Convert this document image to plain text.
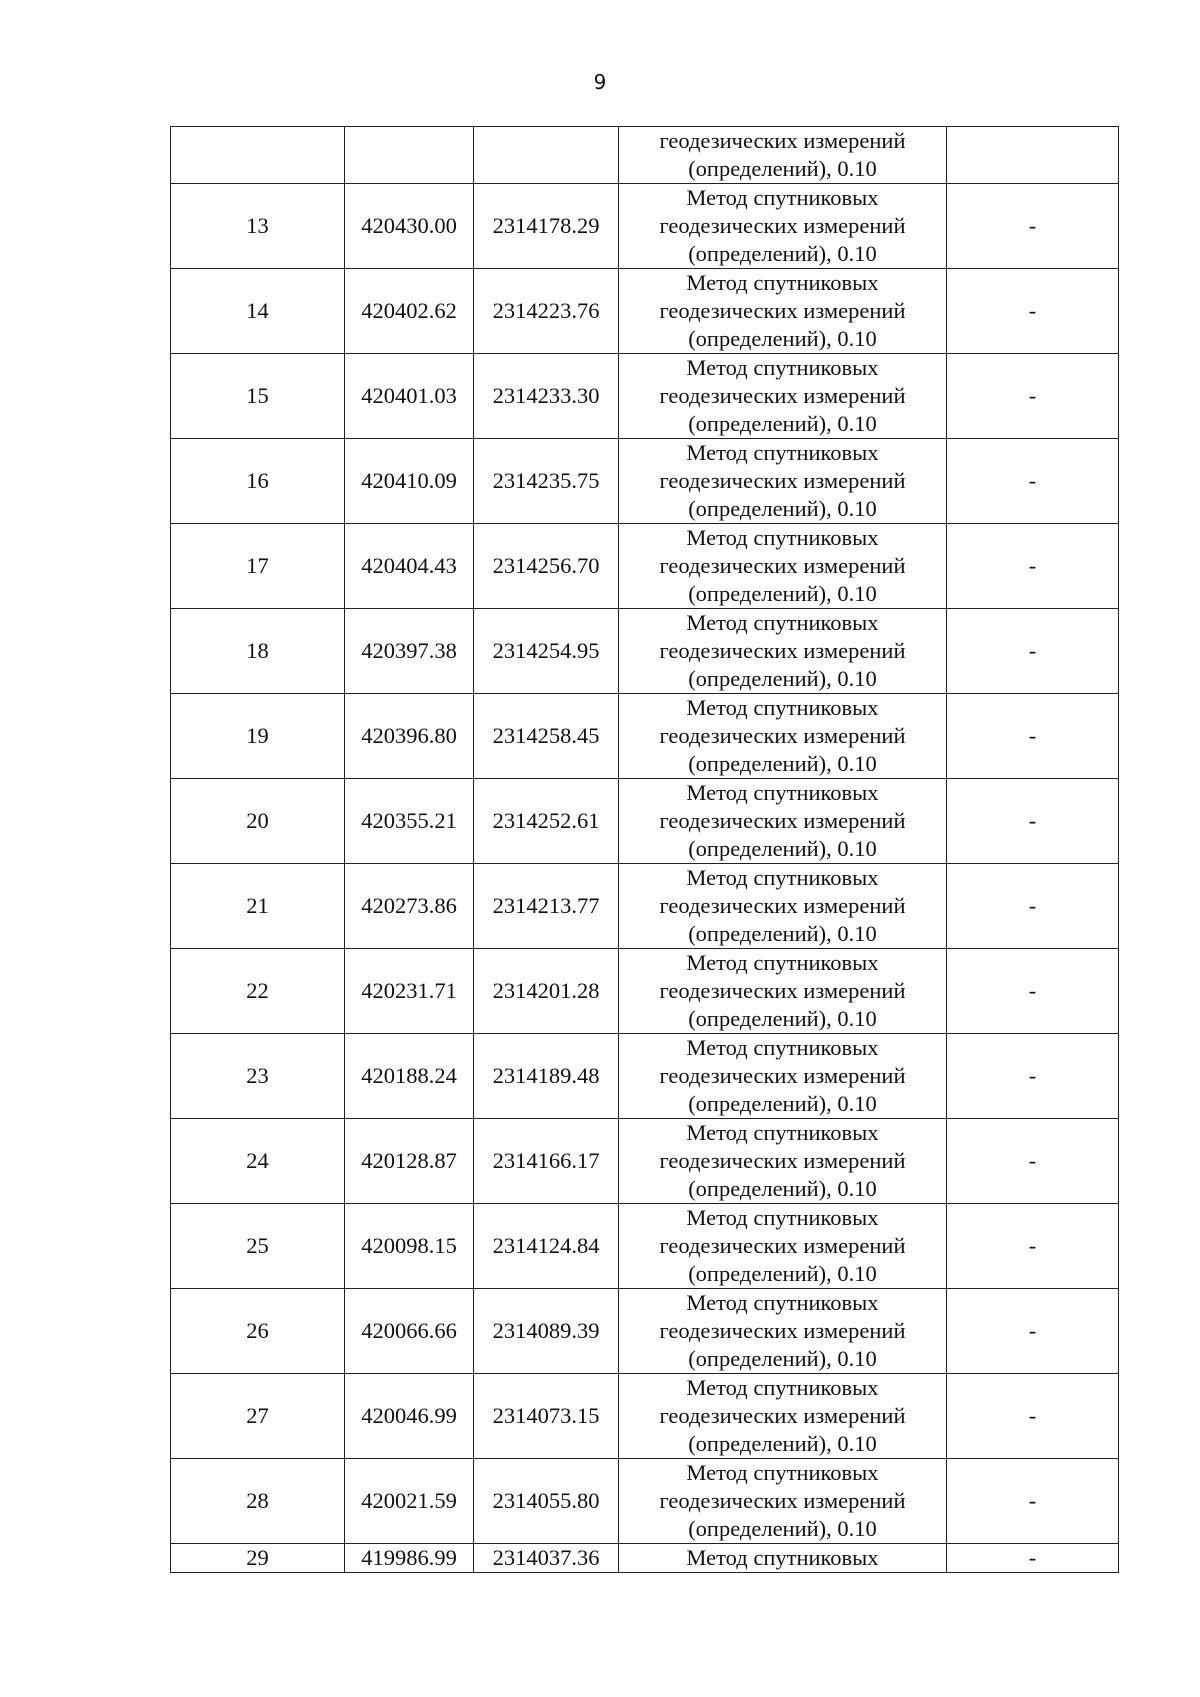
9

			геодезических измерений
(определений), 0.10	

13	420430.00	2314178.29	Метод спутниковых
геодезических измерений
(определений), 0.10	-
14	420402.62	2314223.76	Метод спутниковых
геодезических измерений
(определений), 0.10	-
15	420401.03	2314233.30	Метод спутниковых
геодезических измерений
(определений), 0.10	-
16	420410.09	2314235.75	Метод спутниковых
геодезических измерений
(определений), 0.10	-
17	420404.43	2314256.70	Метод спутниковых
геодезических измерений
(определений), 0.10	-
18	420397.38	2314254.95	Метод спутниковых
геодезических измерений
(определений), 0.10	-
19	420396.80	2314258.45	Метод спутниковых
геодезических измерений
(определений), 0.10	-
20	420355.21	2314252.61	Метод спутниковых
геодезических измерений
(определений), 0.10	-
21	420273.86	2314213.77	Метод спутниковых
геодезических измерений
(определений), 0.10	-
22	420231.71	2314201.28	Метод спутниковых
геодезических измерений
(определений), 0.10	-
23	420188.24	2314189.48	Метод спутниковых
геодезических измерений
(определений), 0.10	-
24	420128.87	2314166.17	Метод спутниковых
геодезических измерений
(определений), 0.10	-
25	420098.15	2314124.84	Метод спутниковых
геодезических измерений
(определений), 0.10	-
26	420066.66	2314089.39	Метод спутниковых
геодезических измерений
(определений), 0.10	-
27	420046.99	2314073.15	Метод спутниковых
геодезических измерений
(определений), 0.10	-
28	420021.59	2314055.80	Метод спутниковых
геодезических измерений
(определений), 0.10	-
29	419986.99	2314037.36	Метод спутниковых	-
